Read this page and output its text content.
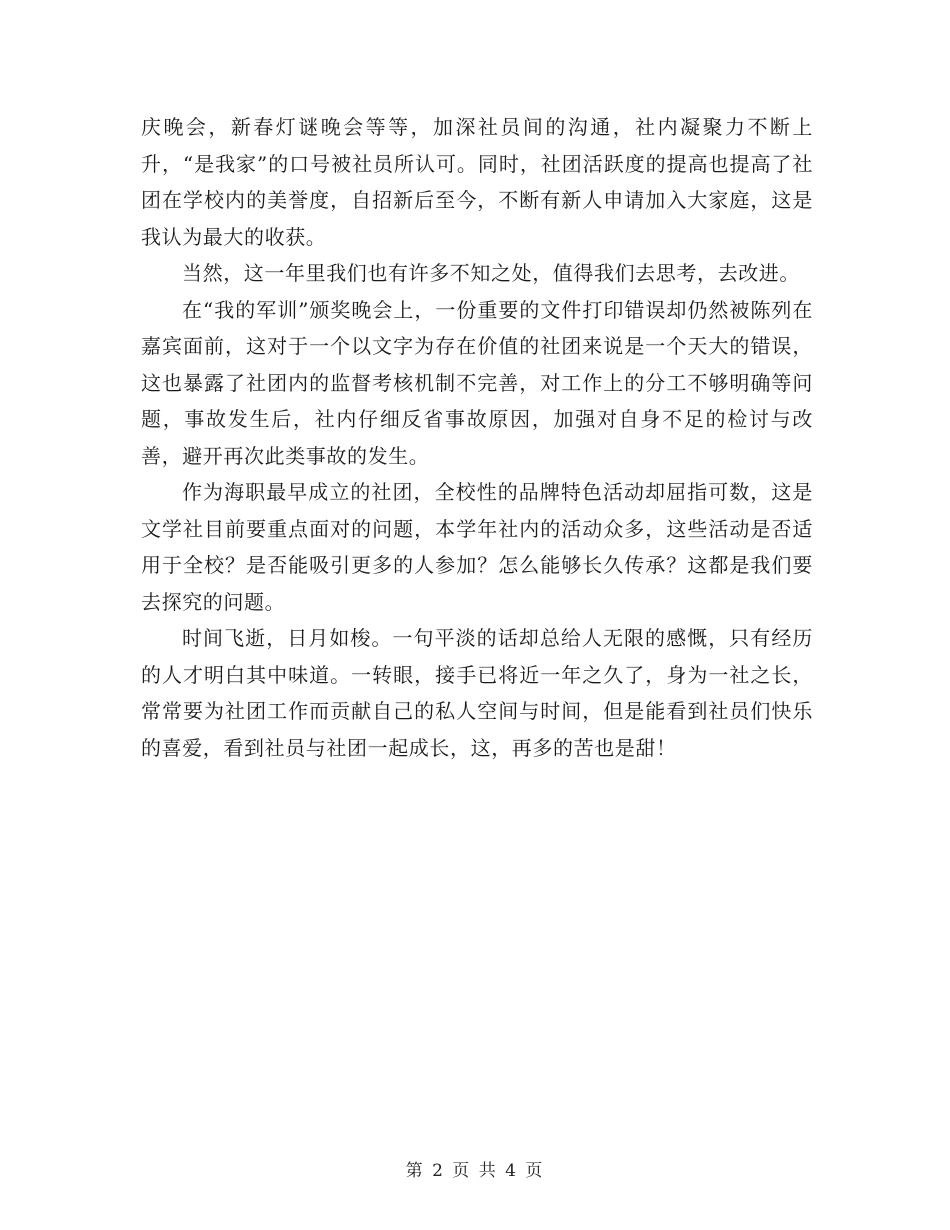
庆晚会，新春灯谜晚会等等，加深社员间的沟通，社内凝聚力不断上升，“是我家”的口号被社员所认可。同时，社团活跃度的提高也提高了社团在学校内的美誉度，自招新后至今，不断有新人申请加入大家庭，这是我认为最大的收获。

当然，这一年里我们也有许多不知之处，值得我们去思考，去改进。

在“我的军训”颁奖晚会上，一份重要的文件打印错误却仍然被陈列在嘉宾面前，这对于一个以文字为存在价值的社团来说是一个天大的错误，这也暴露了社团内的监督考核机制不完善，对工作上的分工不够明确等问题，事故发生后，社内仔细反省事故原因，加强对自身不足的检讨与改善，避开再次此类事故的发生。

作为海职最早成立的社团，全校性的品牌特色活动却屈指可数，这是文学社目前要重点面对的问题，本学年社内的活动众多，这些活动是否适用于全校？是否能吸引更多的人参加？怎么能够长久传承？这都是我们要去探究的问题。

时间飞逝，日月如梭。一句平淡的话却总给人无限的感慨，只有经历的人才明白其中味道。一转眼，接手已将近一年之久了，身为一社之长，常常要为社团工作而贡献自己的私人空间与时间，但是能看到社员们快乐的喜爱，看到社员与社团一起成长，这，再多的苦也是甜！

第 2 页 共 4 页
